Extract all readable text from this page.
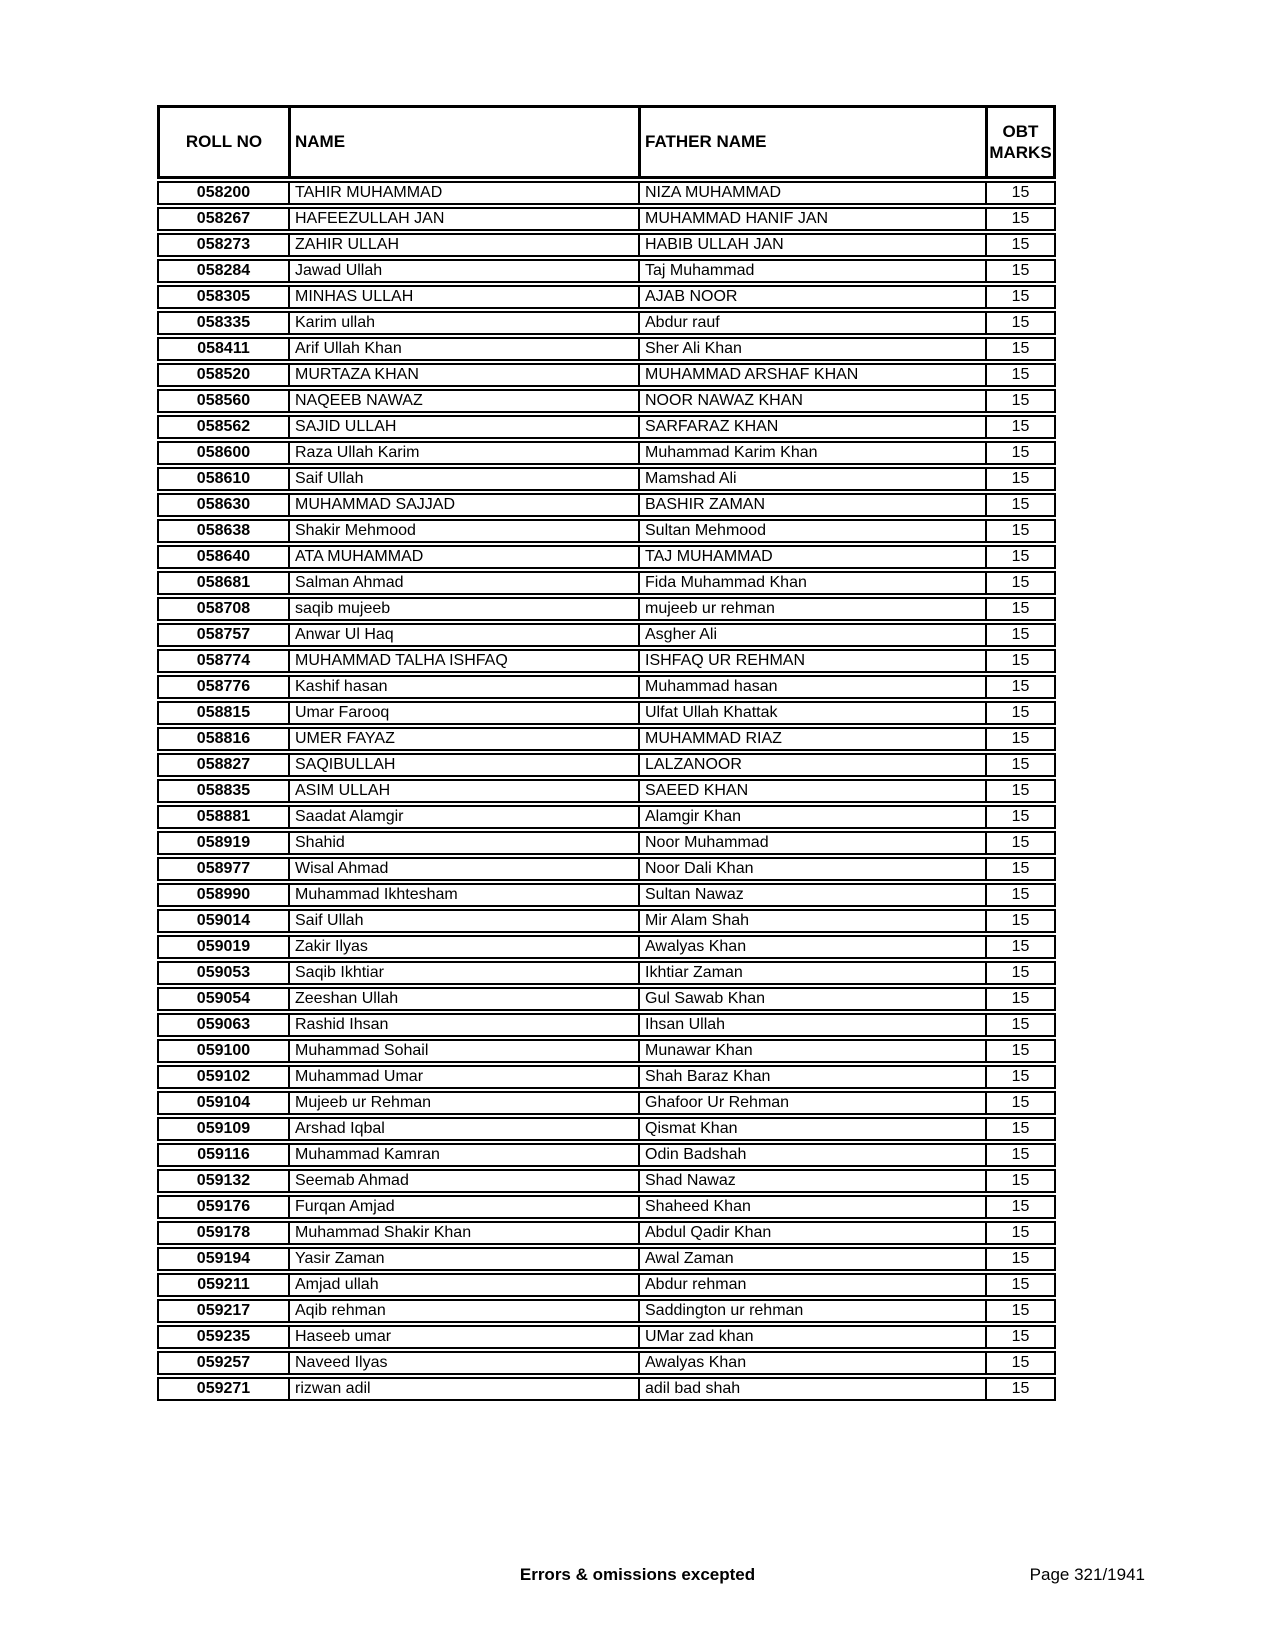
ROLL NO	NAME	FATHER NAME	OBT MARKS
058200	TAHIR MUHAMMAD	NIZA MUHAMMAD	15
058267	HAFEEZULLAH JAN	MUHAMMAD HANIF JAN	15
058273	ZAHIR ULLAH	HABIB ULLAH JAN	15
058284	Jawad Ullah	Taj Muhammad	15
058305	MINHAS ULLAH	AJAB NOOR	15
058335	Karim ullah	Abdur rauf	15
058411	Arif Ullah Khan	Sher Ali Khan	15
058520	MURTAZA KHAN	MUHAMMAD ARSHAF KHAN	15
058560	NAQEEB NAWAZ	NOOR NAWAZ KHAN	15
058562	SAJID ULLAH	SARFARAZ KHAN	15
058600	Raza Ullah Karim	Muhammad Karim Khan	15
058610	Saif Ullah	Mamshad Ali	15
058630	MUHAMMAD SAJJAD	BASHIR ZAMAN	15
058638	Shakir Mehmood	Sultan Mehmood	15
058640	ATA MUHAMMAD	TAJ MUHAMMAD	15
058681	Salman Ahmad	Fida Muhammad Khan	15
058708	saqib mujeeb	mujeeb ur rehman	15
058757	Anwar Ul Haq	Asgher Ali	15
058774	MUHAMMAD TALHA ISHFAQ	ISHFAQ UR REHMAN	15
058776	Kashif hasan	Muhammad hasan	15
058815	Umar Farooq	Ulfat Ullah Khattak	15
058816	UMER FAYAZ	MUHAMMAD RIAZ	15
058827	SAQIBULLAH	LALZANOOR	15
058835	ASIM ULLAH	SAEED KHAN	15
058881	Saadat Alamgir	Alamgir Khan	15
058919	Shahid	Noor Muhammad	15
058977	Wisal Ahmad	Noor Dali Khan	15
058990	Muhammad Ikhtesham	Sultan Nawaz	15
059014	Saif Ullah	Mir Alam Shah	15
059019	Zakir Ilyas	Awalyas Khan	15
059053	Saqib Ikhtiar	Ikhtiar Zaman	15
059054	Zeeshan Ullah	Gul Sawab Khan	15
059063	Rashid Ihsan	Ihsan Ullah	15
059100	Muhammad Sohail	Munawar Khan	15
059102	Muhammad Umar	Shah Baraz Khan	15
059104	Mujeeb ur Rehman	Ghafoor Ur Rehman	15
059109	Arshad Iqbal	Qismat Khan	15
059116	Muhammad Kamran	Odin Badshah	15
059132	Seemab Ahmad	Shad Nawaz	15
059176	Furqan Amjad	Shaheed Khan	15
059178	Muhammad Shakir Khan	Abdul Qadir Khan	15
059194	Yasir Zaman	Awal Zaman	15
059211	Amjad ullah	Abdur rehman	15
059217	Aqib rehman	Saddington ur rehman	15
059235	Haseeb umar	UMar zad khan	15
059257	Naveed Ilyas	Awalyas Khan	15
059271	rizwan adil	adil bad shah	15
Errors & omissions excepted	Page 321/1941
